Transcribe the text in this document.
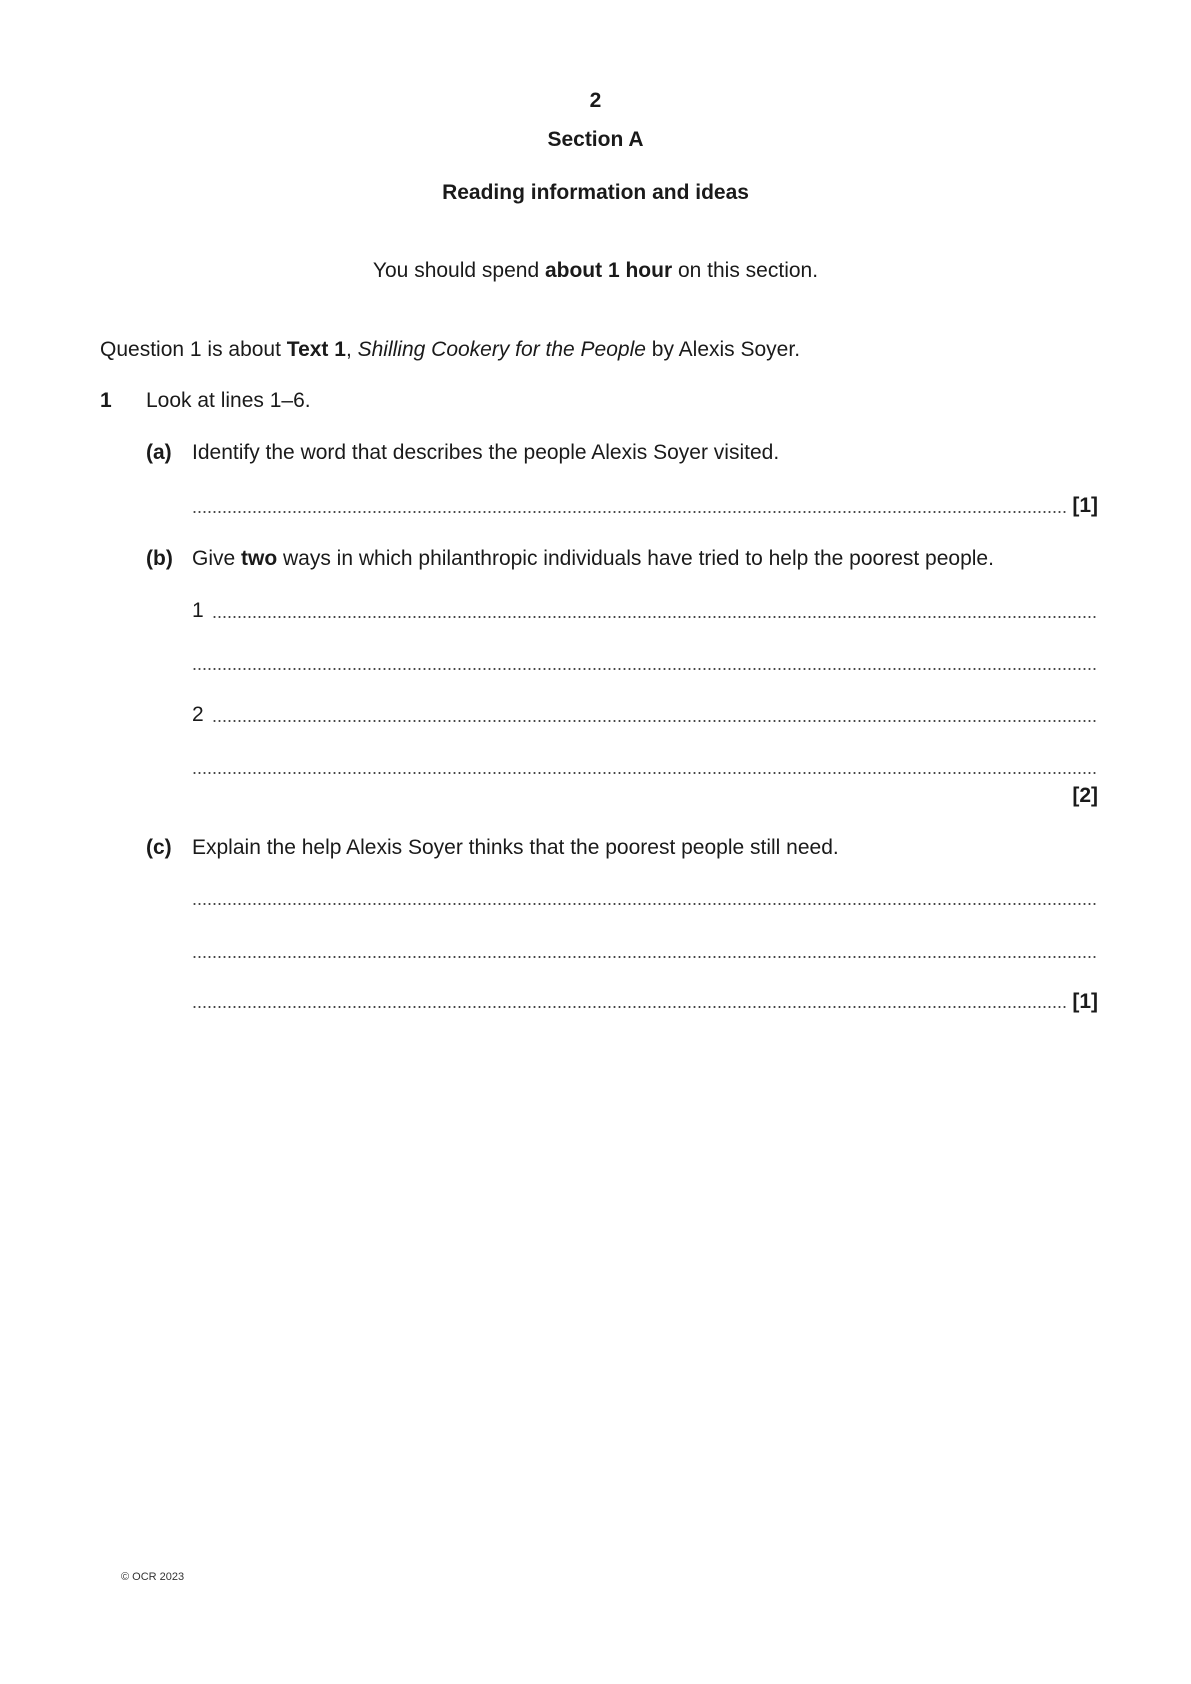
2
Section A
Reading information and ideas
You should spend about 1 hour on this section.
Question 1 is about Text 1, Shilling Cookery for the People by Alexis Soyer.
1 Look at lines 1–6.
(a) Identify the word that describes the people Alexis Soyer visited.
[1]
(b) Give two ways in which philanthropic individuals have tried to help the poorest people.
1
2
[2]
(c) Explain the help Alexis Soyer thinks that the poorest people still need.
[1]
© OCR 2023
